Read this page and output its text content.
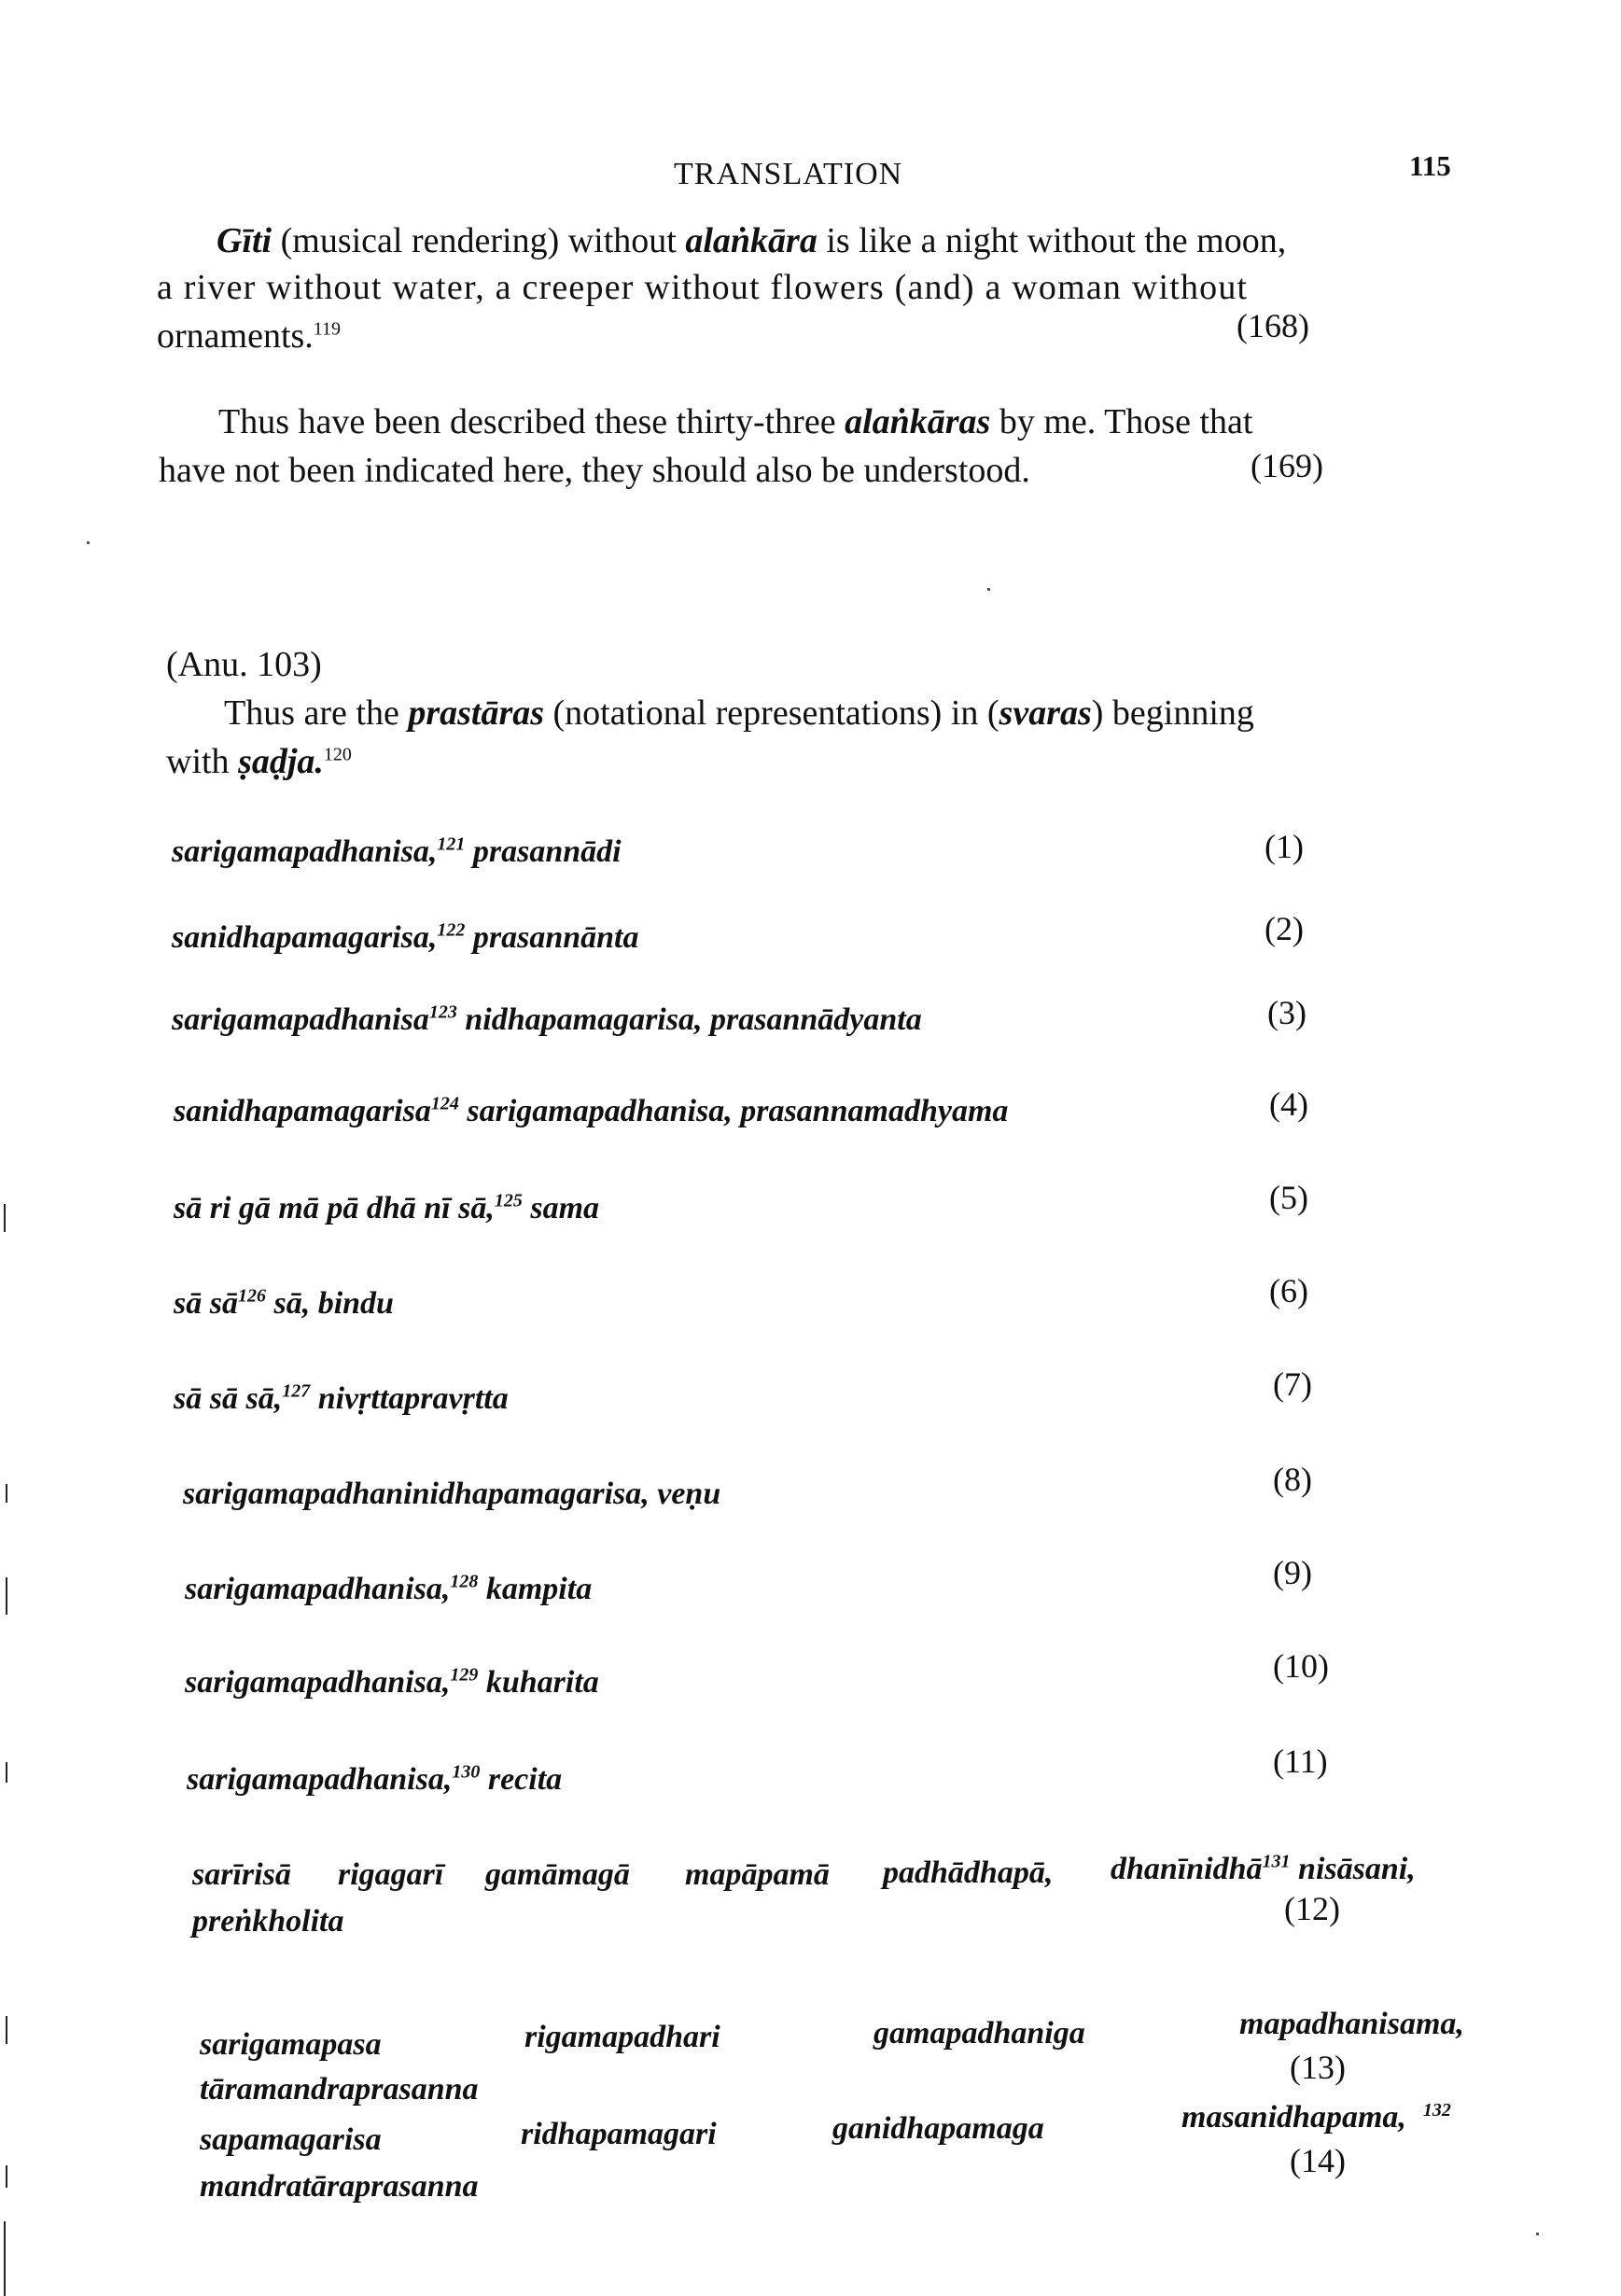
TRANSLATION	115
Gīti (musical rendering) without alaṅkāra is like a night without the moon,
a river without water, a creeper without flowers (and) a woman without
ornaments.$^{119}$	(168)
Thus have been described these thirty-three alaṅkāras by me. Those that
have not been indicated here, they should also be understood.	(169)
(Anu. 103)
Thus are the prastāras (notational representations) in (svaras) beginning
with ṣaḍja.$^{120}$
sarigamapadhanisa,$^{121}$ prasannādi	(1)
sanidhapamagarisa,$^{122}$ prasannānta	(2)
sarigamapadhanisa$^{123}$ nidhapamagarisa, prasannādyanta	(3)
sanidhapamagarisa$^{124}$ sarigamapadhanisa, prasannamadhyama	(4)
sā ri gā mā pā dhā nī sā,$^{125}$ sama	(5)
sā $sā^{126}$ sā, bindu	(6)
sā sā sā,$^{127}$ nivṛttapravṛtta	(7)
sarigamapadhaninidhapamagarisa, veṇu	(8)
sarigamapadhanisa,$^{128}$ kampita	(9)
sarigamapadhanisa,$^{129}$ kuharita	(10)
sarigamapadhanisa,$^{130}$ recita	(11)
sarīrisā rigagarī gamāmagā mapāpamā padhādhapā, dhanīnidhā$^{131}$ nisāsani,
preṅkholita	(12)
sarigamapasa	rigamapadhari	gamapadhaniga	mapadhanisama,
tāramandraprasanna
(13)
sapamagarisa	ridhapamagari	ganidhapamaga	masanidhapama, $^{132}$
mandratāraprasanna
(14)
